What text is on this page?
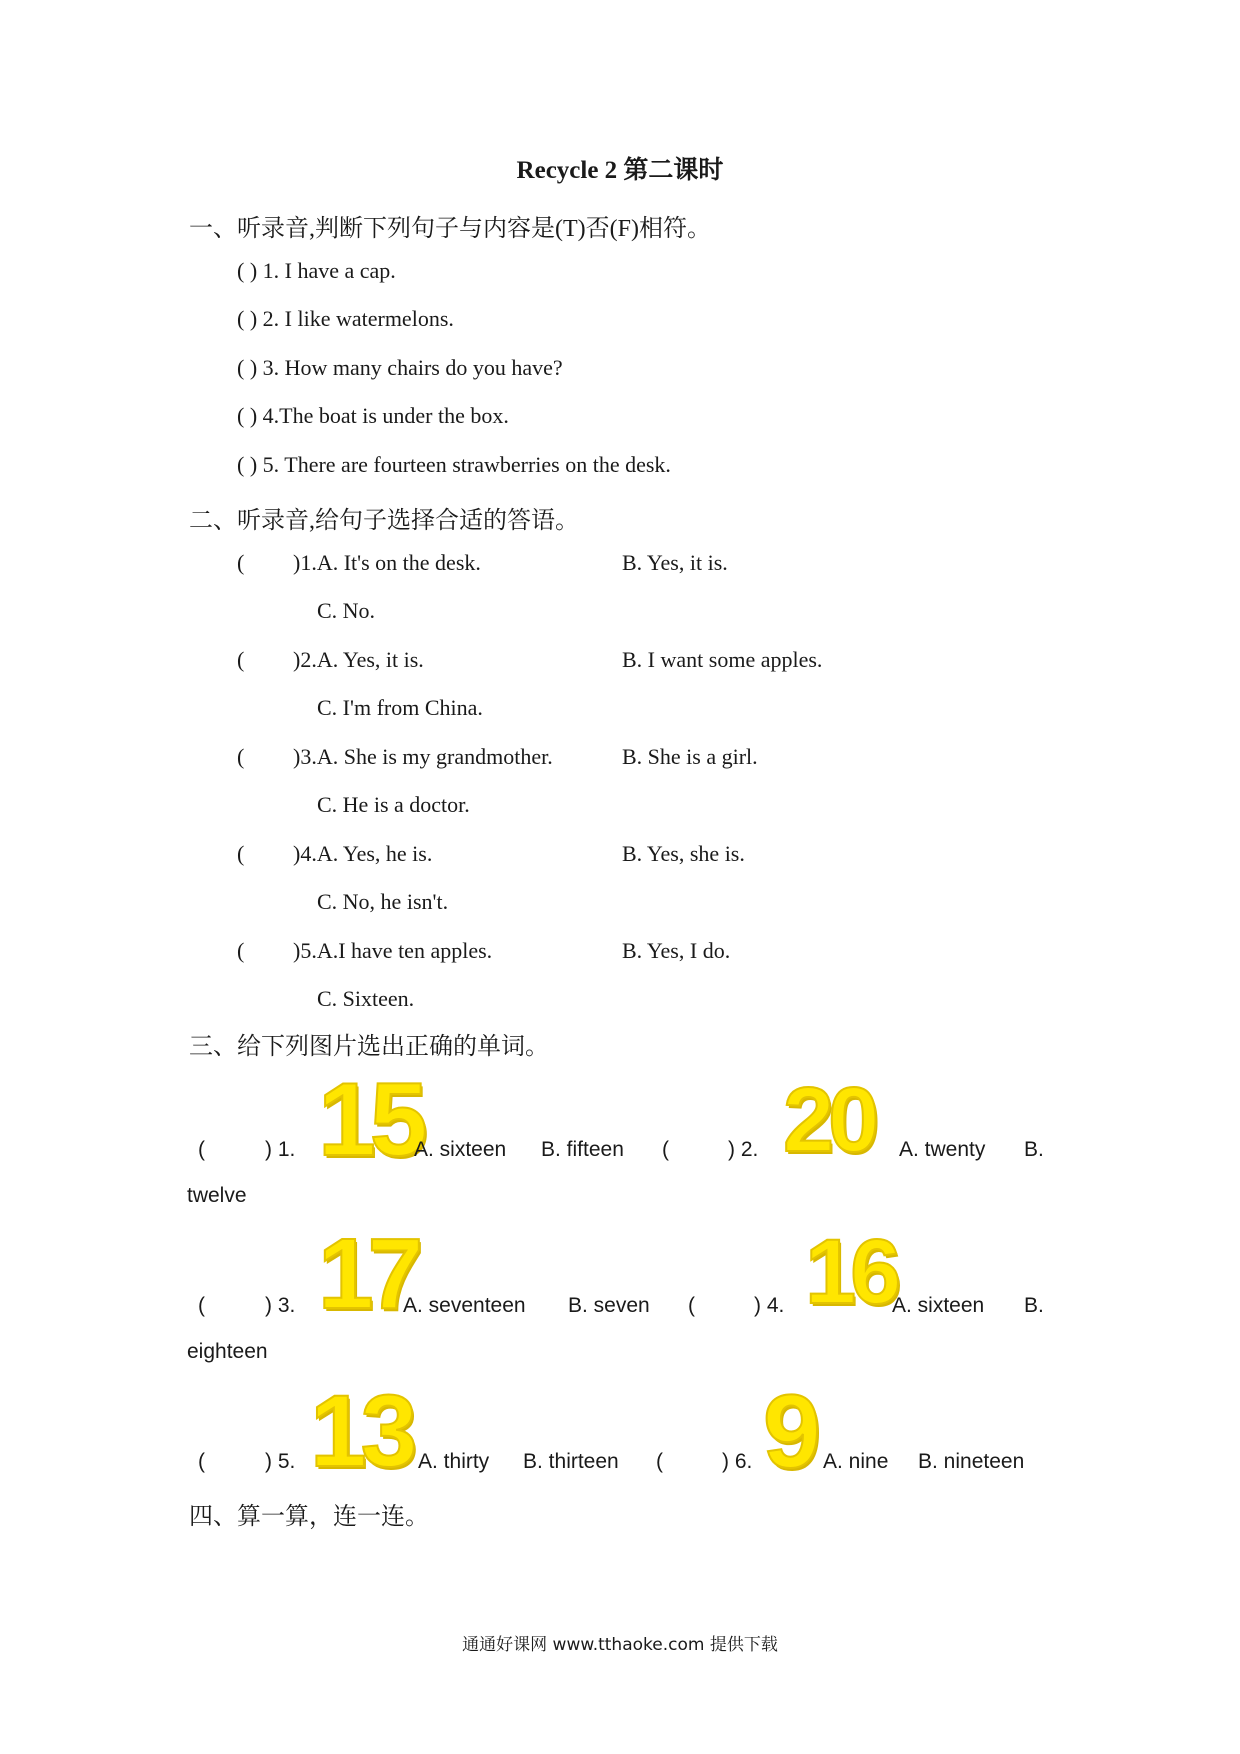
Recycle 2 第二课时
一、听录音,判断下列句子与内容是(T)否(F)相符。
( ) 1. I have a cap.
( ) 2. I like watermelons.
( ) 3. How many chairs do you have?
( ) 4.The boat is under the box.
( ) 5. There are fourteen strawberries on the desk.
二、听录音,给句子选择合适的答语。
( )1.A. It's on the desk.	B. Yes, it is.
C. No.
( )2.A. Yes, it is.	B. I want some apples.
C. I'm from China.
( )3.A. She is my grandmother.	B. She is a girl.
C. He is a doctor.
( )4.A. Yes, he is.	B. Yes, she is.
C. No, he isn't.
( )5.A.I have ten apples.	B. Yes, I do.
C. Sixteen.
三、给下列图片选出正确的单词。
(	) 1. 15
A. sixteen B. fifteen (	) 2. 20 A. twenty B.
twelve
(	) 3. 17
A. seventeen B. seven (	) 4. 16
A. sixteen B.
eighteen
(	) 5. 13 A. thirty B. thirteen (	) 6. 9 A. nine B. nineteen
四、算一算，连一连。
通通好课网 www.tthaoke.com 提供下载
